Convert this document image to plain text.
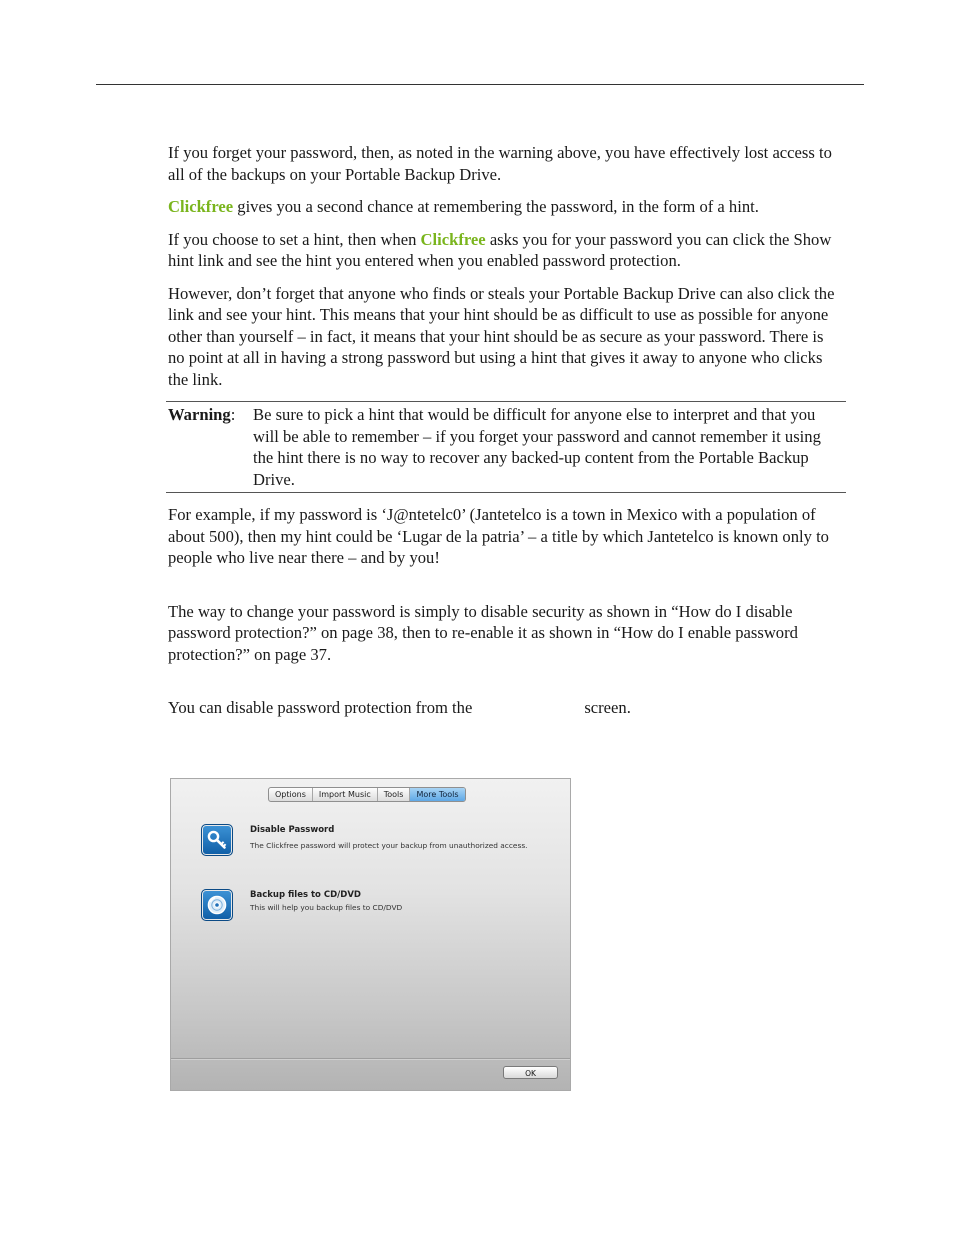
If you forget your password, then, as noted in the warning above, you have effectively lost access to all of the backups on your Portable Backup Drive.

Clickfree gives you a second chance at remembering the password, in the form of a hint.

If you choose to set a hint, then when Clickfree asks you for your password you can click the Show hint link and see the hint you entered when you enabled password protection.

However, don’t forget that anyone who finds or steals your Portable Backup Drive can also click the link and see your hint. This means that your hint should be as difficult to use as possible for anyone other than yourself – in fact, it means that your hint should be as secure as your password. There is no point at all in having a strong password but using a hint that gives it away to anyone who clicks the link.

Warning:	Be sure to pick a hint that would be difficult for anyone else to interpret and that you will be able to remember – if you forget your password and cannot remember it using the hint there is no way to recover any backed-up content from the Portable Backup Drive.

For example, if my password is ‘J@ntetelc0’ (Jantetelco is a town in Mexico with a population of about 500), then my hint could be ‘Lugar de la patria’ – a title by which Jantetelco is known only to people who live near there – and by you!

The way to change your password is simply to disable security as shown in “How do I disable password protection?” on page 38, then to re-enable it as shown in “How do I enable password protection?” on page 37.

You can disable password protection from the	screen.

Options	Import Music	Tools	More Tools
Disable Password
The Clickfree password will protect your backup from unauthorized access.
Backup files to CD/DVD
This will help you backup files to CD/DVD
OK
